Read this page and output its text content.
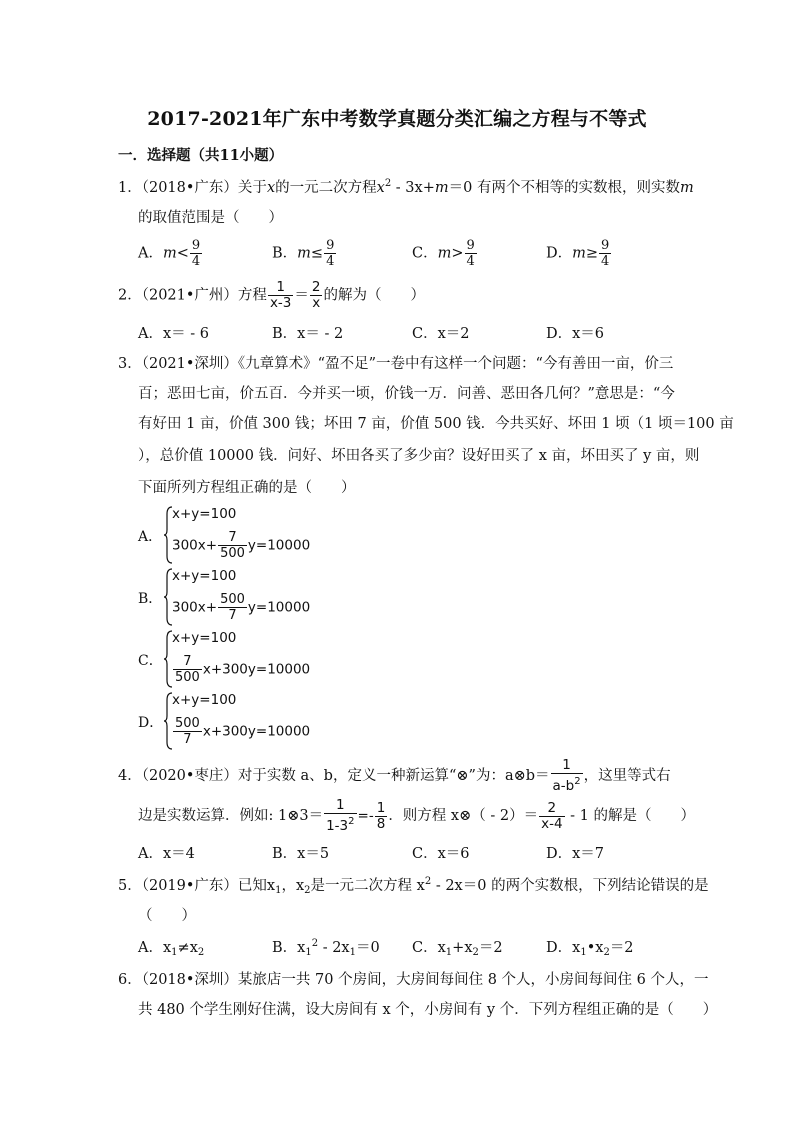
2017-2021年广东中考数学真题分类汇编之方程与不等式
一．选择题（共11小题）
1．（2018•广东）关于x的一元二次方程$x^2 - 3x+m=0$ 有两个不相等的实数根，则实数m
的取值范围是（　　）
A．$m< \frac{9}{4}$	B．$m\le \frac{9}{4}$	C．$m> \frac{9}{4}$	D．$m\ge \frac{9}{4}$
2．（2021•广州）方程 $\frac{1}{x-3} = \frac{2}{x}$ 的解为（　　）
A．x＝ - 6	B．x＝ - 2	C．x＝2	D．x＝6
3．（2021•深圳）《九章算术》“盈不足”一卷中有这样一个问题：“今有善田一亩，价三
百；恶田七亩，价五百．今并买一顷，价钱一万．问善、恶田各几何？”意思是：“今
有好田 1 亩，价值 300 钱；坏田 7 亩，价值 500 钱．今共买好、坏田 1 顷（1 顷＝100 亩
），总价值 10000 钱．问好、坏田各买了多少亩？设好田买了 x 亩，坏田买了 y 亩，则
下面所列方程组正确的是（　　）
A．
x+y=100
$300x+ \frac{7}{500} y=10000$
B．
x+y=100
$300x+ \frac{500}{7} y=10000$
C．
x+y=100
$\frac{7}{500} x+300y=10000$
D．
x+y=100
$\frac{500}{7} x+300y=10000$
4．（2020•枣庄）对于实数 a、b，定义一种新运算“⊗”为：a⊗b＝ $\frac{1}{a-b^2}$ ，这里等式右
边是实数运算．例如: 1⊗3＝ $\frac{1}{1-3^2} =- \frac{1}{8}$ ．则方程 x⊗（ - $2)= \frac{2}{x-4} - 1$ 的解是（　　）
A．x＝4	B．x＝5	C．x＝6	D．x＝7
5．（2019•广东）已知$x_1$，$x_2$是一元二次方程 $x^2 - 2x=0$ 的两个实数根，下列结论错误的是
（　　）
A．$x_1\ne x_2$	B．$x_1^2 - 2x_1=0$ C．$x_1+x_2=2$	D．$x_1•x_2=2$
6．（2018•深圳）某旅店一共 70 个房间，大房间每间住 8 个人，小房间每间住 6 个人，一
共 480 个学生刚好住满，设大房间有 x 个，小房间有 y 个．下列方程组正确的是（　　）
